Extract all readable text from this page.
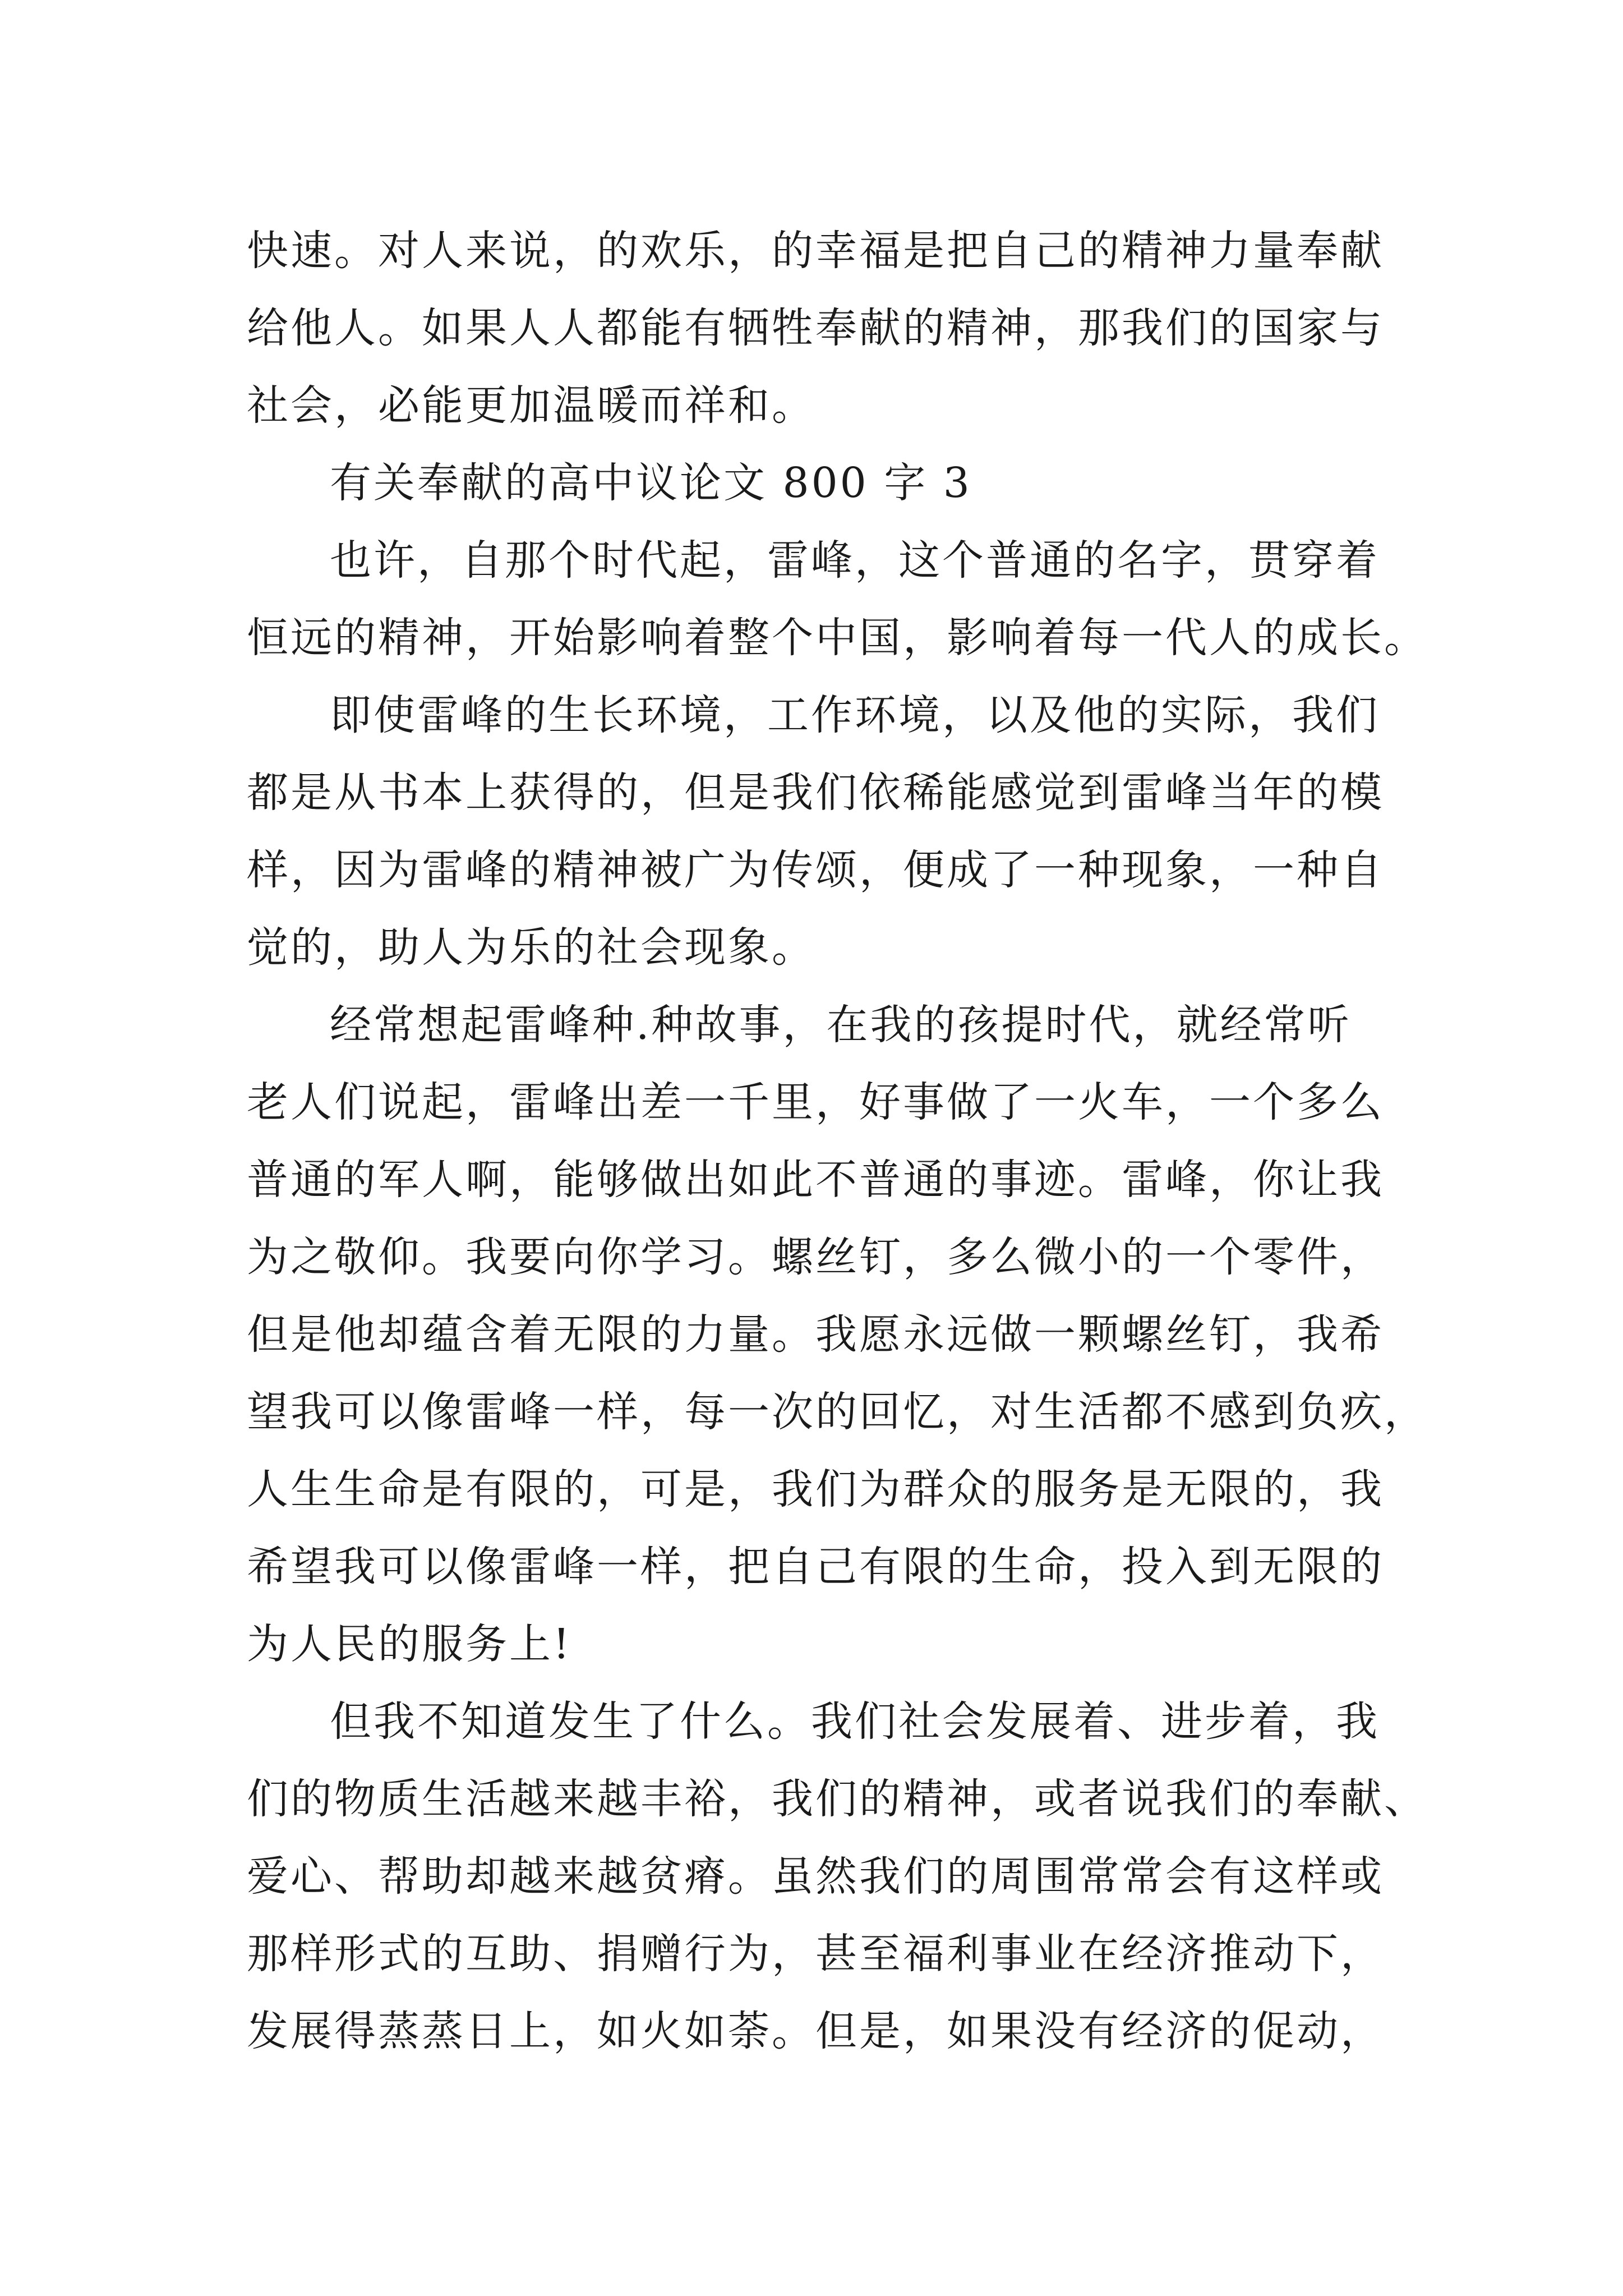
快速。对人来说，的欢乐，的幸福是把自己的精神力量奉献
给他人。如果人人都能有牺牲奉献的精神，那我们的国家与
社会，必能更加温暖而祥和。
有关奉献的高中议论文 800 字 3
也许，自那个时代起，雷峰，这个普通的名字，贯穿着
恒远的精神，开始影响着整个中国，影响着每一代人的成长。
即使雷峰的生长环境，工作环境，以及他的实际，我们
都是从书本上获得的，但是我们依稀能感觉到雷峰当年的模
样，因为雷峰的精神被广为传颂，便成了一种现象，一种自
觉的，助人为乐的社会现象。
经常想起雷峰种.种故事，在我的孩提时代，就经常听
老人们说起，雷峰出差一千里，好事做了一火车，一个多么
普通的军人啊，能够做出如此不普通的事迹。雷峰，你让我
为之敬仰。我要向你学习。螺丝钉，多么微小的一个零件，
但是他却蕴含着无限的力量。我愿永远做一颗螺丝钉，我希
望我可以像雷峰一样，每一次的回忆，对生活都不感到负疚，
人生生命是有限的，可是，我们为群众的服务是无限的，我
希望我可以像雷峰一样，把自己有限的生命，投入到无限的
为人民的服务上!
但我不知道发生了什么。我们社会发展着、进步着，我
们的物质生活越来越丰裕，我们的精神，或者说我们的奉献、
爱心、帮助却越来越贫瘠。虽然我们的周围常常会有这样或
那样形式的互助、捐赠行为，甚至福利事业在经济推动下，
发展得蒸蒸日上，如火如荼。但是，如果没有经济的促动，
